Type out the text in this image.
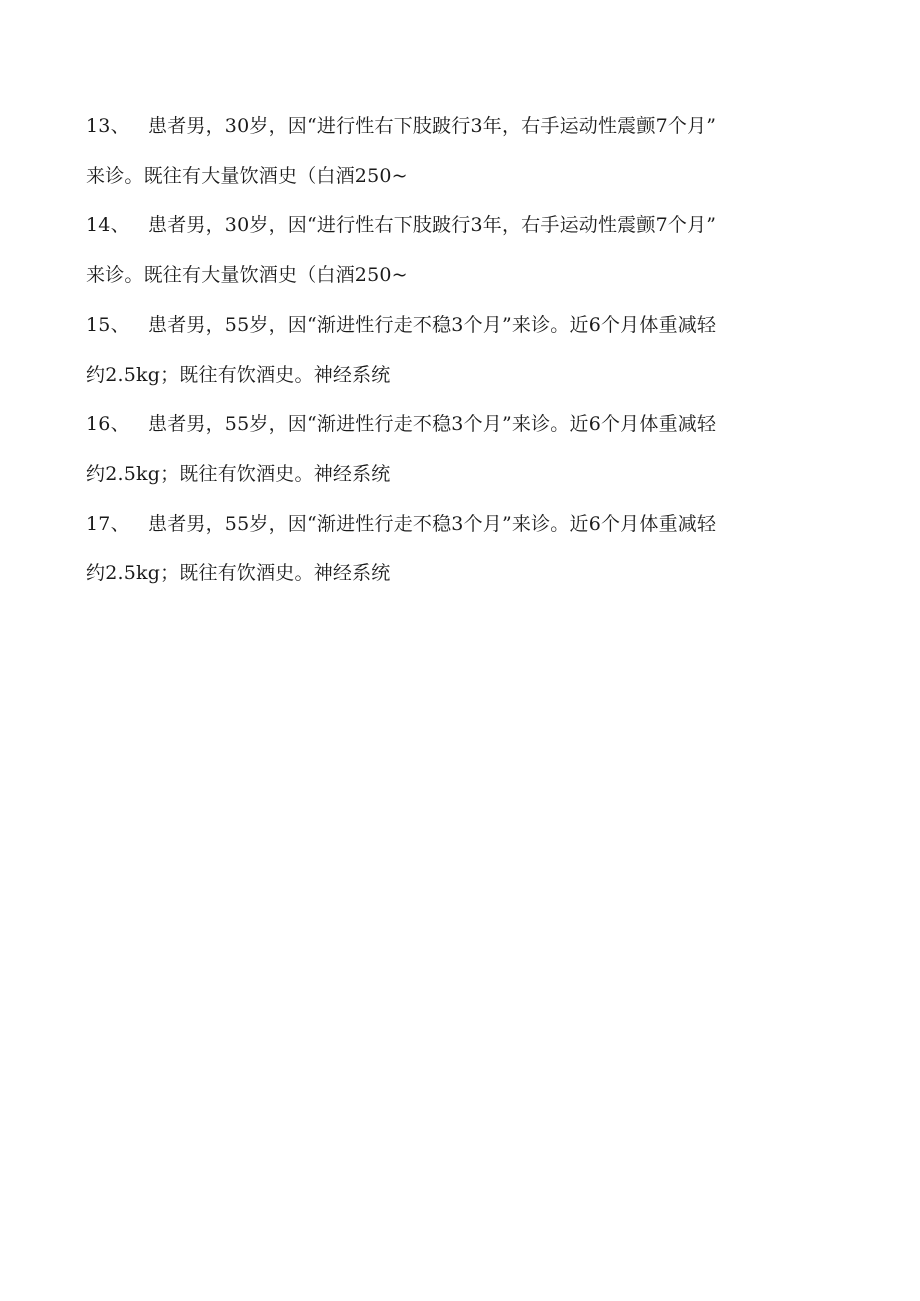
13、 患者男，30岁，因“进行性右下肢跛行3年，右手运动性震颤7个月”
来诊。既往有大量饮酒史（白酒250~
14、 患者男，30岁，因“进行性右下肢跛行3年，右手运动性震颤7个月”
来诊。既往有大量饮酒史（白酒250~
15、 患者男，55岁，因“渐进性行走不稳3个月”来诊。近6个月体重减轻
约2.5kg；既往有饮酒史。神经系统
16、 患者男，55岁，因“渐进性行走不稳3个月”来诊。近6个月体重减轻
约2.5kg；既往有饮酒史。神经系统
17、 患者男，55岁，因“渐进性行走不稳3个月”来诊。近6个月体重减轻
约2.5kg；既往有饮酒史。神经系统
